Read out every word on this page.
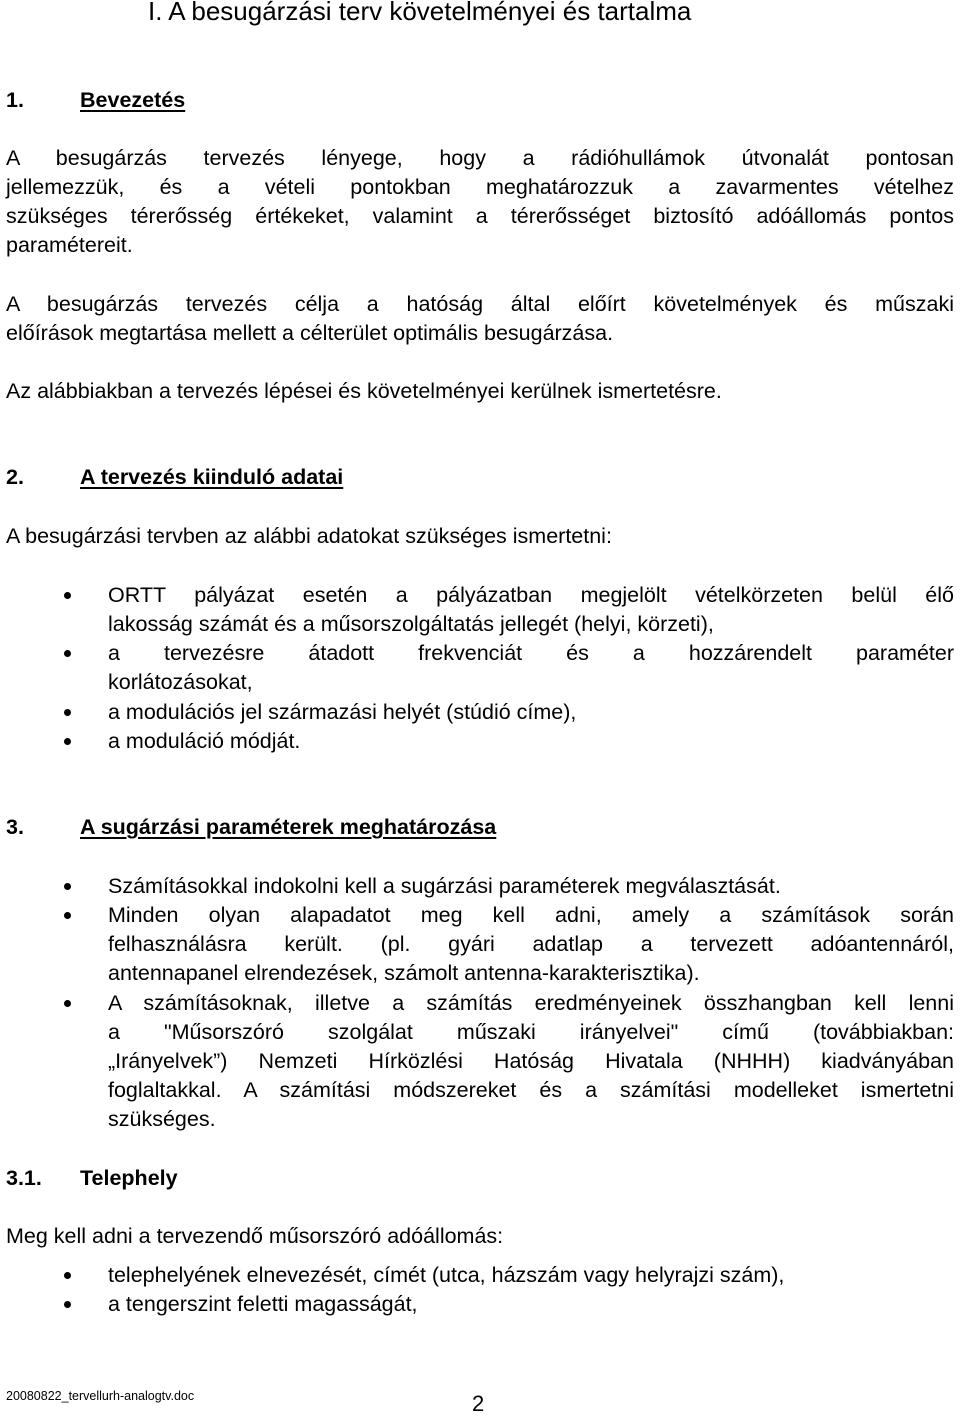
I. A besugárzási terv követelményei és tartalma
1.	Bevezetés
A besugárzás tervezés lényege, hogy a rádióhullámok útvonalát pontosan
jellemezzük, és a vételi pontokban meghatározzuk a zavarmentes vételhez
szükséges térerősség értékeket, valamint a térerősséget biztosító adóállomás pontos
paramétereit.
A besugárzás tervezés célja a hatóság által előírt követelmények és műszaki
előírások megtartása mellett a célterület optimális besugárzása.
Az alábbiakban a tervezés lépései és követelményei kerülnek ismertetésre.
2.	A tervezés kiinduló adatai
A besugárzási tervben az alábbi adatokat szükséges ismertetni:
ORTT pályázat esetén a pályázatban megjelölt vételkörzeten belül élő
lakosság számát és a műsorszolgáltatás jellegét (helyi, körzeti),
a tervezésre átadott frekvenciát és a hozzárendelt paraméter
korlátozásokat,
a modulációs jel származási helyét (stúdió címe),
a moduláció módját.
3.	A sugárzási paraméterek meghatározása
Számításokkal indokolni kell a sugárzási paraméterek megválasztását.
Minden olyan alapadatot meg kell adni, amely a számítások során
felhasználásra került. (pl. gyári adatlap a tervezett adóantennáról,
antennapanel elrendezések, számolt antenna-karakterisztika).
A számításoknak, illetve a számítás eredményeinek összhangban kell lenni
a "Műsorszóró szolgálat műszaki irányelvei" című (továbbiakban:
„Irányelvek”) Nemzeti Hírközlési Hatóság Hivatala (NHHH) kiadványában
foglaltakkal. A számítási módszereket és a számítási modelleket ismertetni
szükséges.
3.1. Telephely
Meg kell adni a tervezendő műsorszóró adóállomás:
telephelyének elnevezését, címét (utca, házszám vagy helyrajzi szám),
a tengerszint feletti magasságát,
20080822_tervellurh-analogtv.doc	2
